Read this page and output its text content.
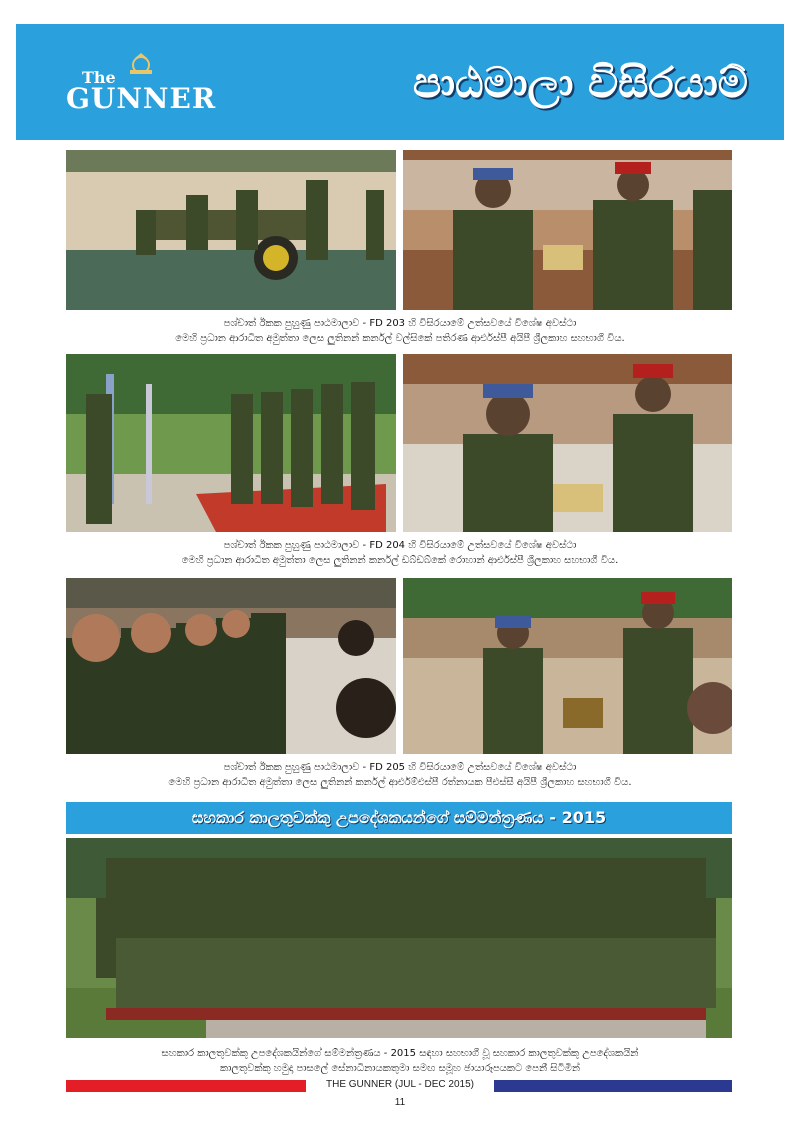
The
GUNNER	පාඨමාලා විසිරයාම්
පශ්චාත් ඊකක පුහුණු පාඨමාලාව - FD 203 හි විසිරයාමේ උත්සවයේ විශේෂ අවස්ථා
මෙහි ප්‍රධාන ආරාධිත අමුත්තා ලෙස ලුතිනන් කර්නල් වල්සිකේ පතිරණ ආර්එස්පී අයිපී ශ්‍රීලකාහ සහභාගී විය.
පශ්චාත් ඊකක පුහුණු පාඨමාලාව - FD 204 හි විසිරයාමේ උත්සවයේ විශේෂ අවස්ථා
මෙහි ප්‍රධාන ආරාධිත අමුත්තා ලෙස ලුතිනන් කර්නල් ඩබ්ඩබ්කේ රොහාන් ආර්එස්පී ශ්‍රීලකාහ සහභාගී විය.
පශ්චාත් ඊකක පුහුණු පාඨමාලාව - FD 205 හි විසිරයාමේ උත්සවයේ විශේෂ අවස්ථා
මෙහි ප්‍රධාන ආරාධිත අමුත්තා ලෙස ලුතිනන් කර්නල් ආර්එම්එස්පී රත්නායක පීඑස්සී අයිපී ශ්‍රීලකාහ සහභාගී විය.
සහකාර කාලතුවක්කු උපදේශකයන්ගේ සම්මන්ත්‍රණය - 2015
සහකාර කාලතුවක්කු උපදේශකයින්ගේ සම්මන්ත්‍රණය - 2015 සඳහා සහභාගී වූ සහකාර කාලතුවක්කු උපදේශකයින්
කාලතුවක්කු හමුදා පාසලේ සේනාධිනායකතුමා සමඟ සමූහ ඡායාරූපයකට පෙනී සිටිමින්
THE GUNNER (JUL - DEC 2015)
11
